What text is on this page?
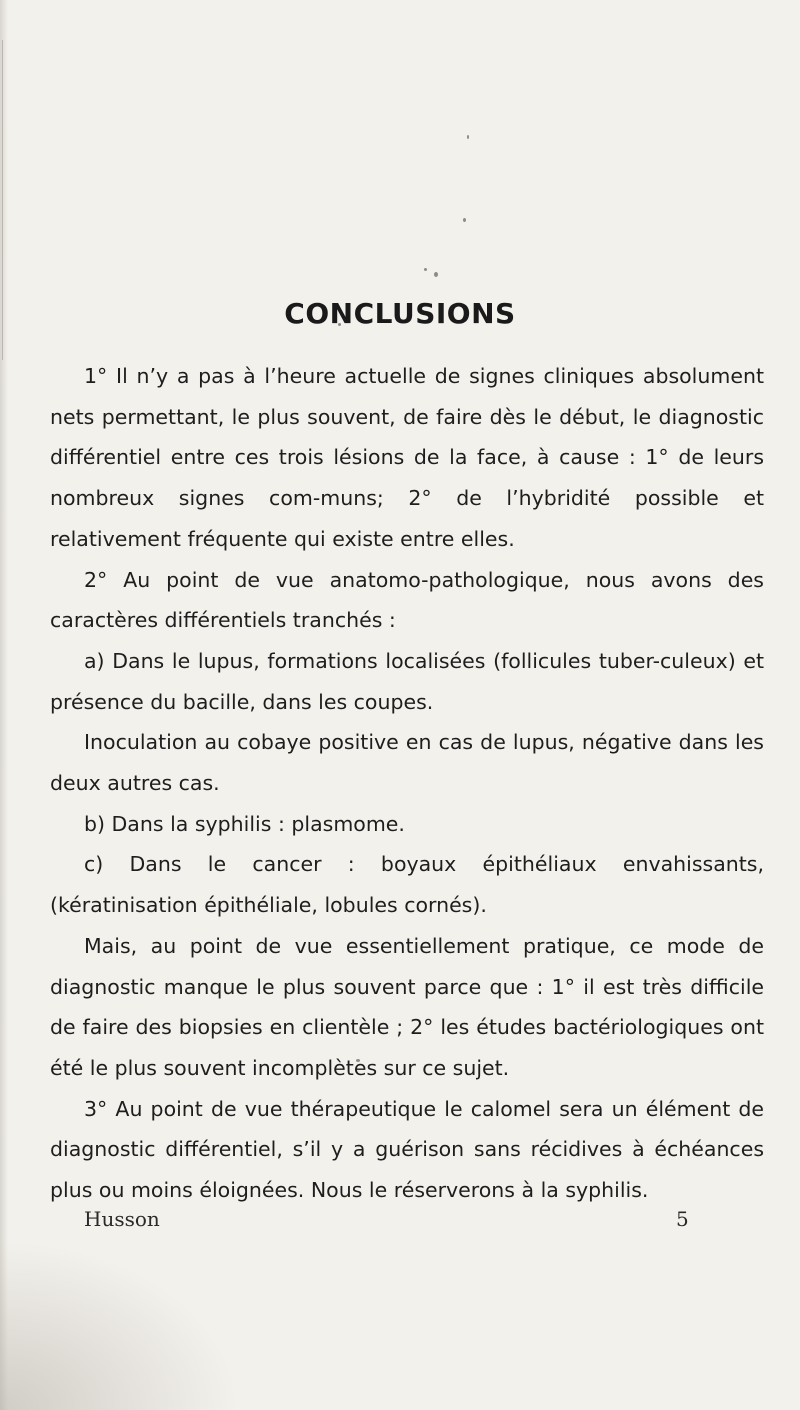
CONCLUSIONS

1° Il n’y a pas à l’heure actuelle de signes cliniques absolument nets permettant, le plus souvent, de faire dès le début, le diagnostic différentiel entre ces trois lésions de la face, à cause : 1° de leurs nombreux signes com-muns; 2° de l’hybridité possible et relativement fréquente qui existe entre elles.

2° Au point de vue anatomo-pathologique, nous avons des caractères différentiels tranchés :

a) Dans le lupus, formations localisées (follicules tuber-culeux) et présence du bacille, dans les coupes.

Inoculation au cobaye positive en cas de lupus, négative dans les deux autres cas.

b) Dans la syphilis : plasmome.

c) Dans le cancer : boyaux épithéliaux envahissants, (kératinisation épithéliale, lobules cornés).

Mais, au point de vue essentiellement pratique, ce mode de diagnostic manque le plus souvent parce que : 1° il est très difficile de faire des biopsies en clientèle ; 2° les études bactériologiques ont été le plus souvent incomplètes sur ce sujet.

3° Au point de vue thérapeutique le calomel sera un élément de diagnostic différentiel, s’il y a guérison sans récidives à échéances plus ou moins éloignées. Nous le réserverons à la syphilis.

Husson	5
